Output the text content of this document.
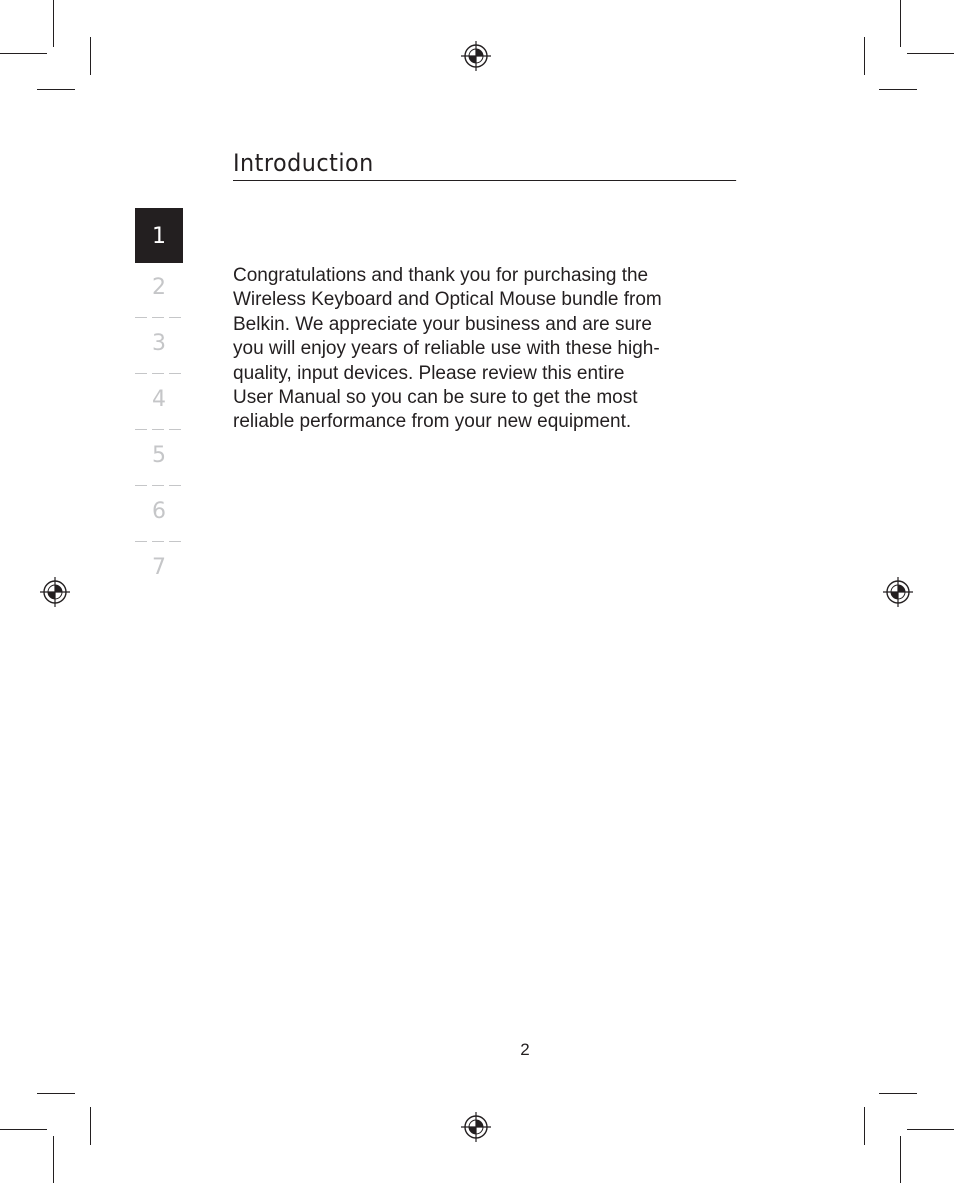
Introduction
1
2
3
4
5
6
7

Congratulations and thank you for purchasing the
Wireless Keyboard and Optical Mouse bundle from
Belkin. We appreciate your business and are sure
you will enjoy years of reliable use with these high-
quality, input devices. Please review this entire
User Manual so you can be sure to get the most
reliable performance from your new equipment.

2
